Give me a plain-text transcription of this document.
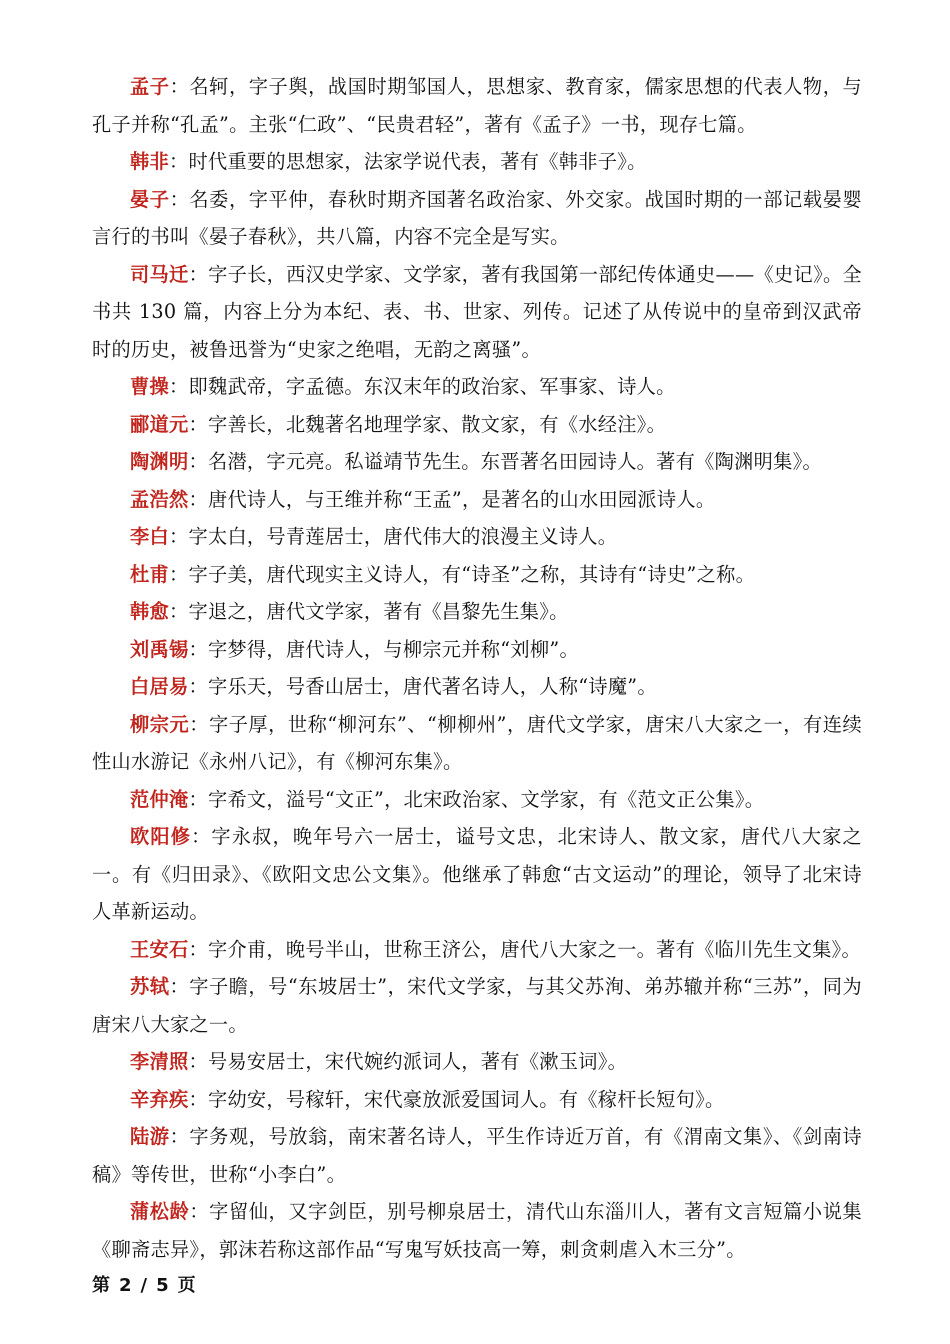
孟子：名轲，字子舆，战国时期邹国人，思想家、教育家，儒家思想的代表人物，与孔子并称“孔孟”。主张“仁政”、“民贵君轻”，著有《孟子》一书，现存七篇。

韩非：时代重要的思想家，法家学说代表，著有《韩非子》。

晏子：名委，字平仲，春秋时期齐国著名政治家、外交家。战国时期的一部记载晏婴言行的书叫《晏子春秋》，共八篇，内容不完全是写实。

司马迁：字子长，西汉史学家、文学家，著有我国第一部纪传体通史——《史记》。全书共 130 篇，内容上分为本纪、表、书、世家、列传。记述了从传说中的皇帝到汉武帝时的历史，被鲁迅誉为“史家之绝唱，无韵之离骚”。

曹操：即魏武帝，字孟德。东汉末年的政治家、军事家、诗人。

郦道元：字善长，北魏著名地理学家、散文家，有《水经注》。

陶渊明：名潜，字元亮。私谥靖节先生。东晋著名田园诗人。著有《陶渊明集》。

孟浩然：唐代诗人，与王维并称“王孟”，是著名的山水田园派诗人。

李白：字太白，号青莲居士，唐代伟大的浪漫主义诗人。

杜甫：字子美，唐代现实主义诗人，有“诗圣”之称，其诗有“诗史”之称。

韩愈：字退之，唐代文学家，著有《昌黎先生集》。

刘禹锡：字梦得，唐代诗人，与柳宗元并称“刘柳”。

白居易：字乐天，号香山居士，唐代著名诗人，人称“诗魔”。

柳宗元：字子厚，世称“柳河东”、“柳柳州”，唐代文学家，唐宋八大家之一，有连续性山水游记《永州八记》，有《柳河东集》。

范仲淹：字希文，溢号“文正”，北宋政治家、文学家，有《范文正公集》。

欧阳修：字永叔，晚年号六一居士，谥号文忠，北宋诗人、散文家，唐代八大家之一。有《归田录》、《欧阳文忠公文集》。他继承了韩愈“古文运动”的理论，领导了北宋诗人革新运动。

王安石：字介甫，晚号半山，世称王济公，唐代八大家之一。著有《临川先生文集》。

苏轼：字子瞻，号“东坡居士”，宋代文学家，与其父苏洵、弟苏辙并称“三苏”，同为唐宋八大家之一。

李清照：号易安居士，宋代婉约派词人，著有《漱玉词》。

辛弃疾：字幼安，号稼轩，宋代豪放派爱国词人。有《稼杆长短句》。

陆游：字务观，号放翁，南宋著名诗人，平生作诗近万首，有《渭南文集》、《剑南诗稿》等传世，世称“小李白”。

蒲松龄：字留仙，又字剑臣，别号柳泉居士，清代山东淄川人，著有文言短篇小说集《聊斋志异》，郭沫若称这部作品“写鬼写妖技高一筹，刺贪刺虐入木三分”。

第 2 / 5 页
